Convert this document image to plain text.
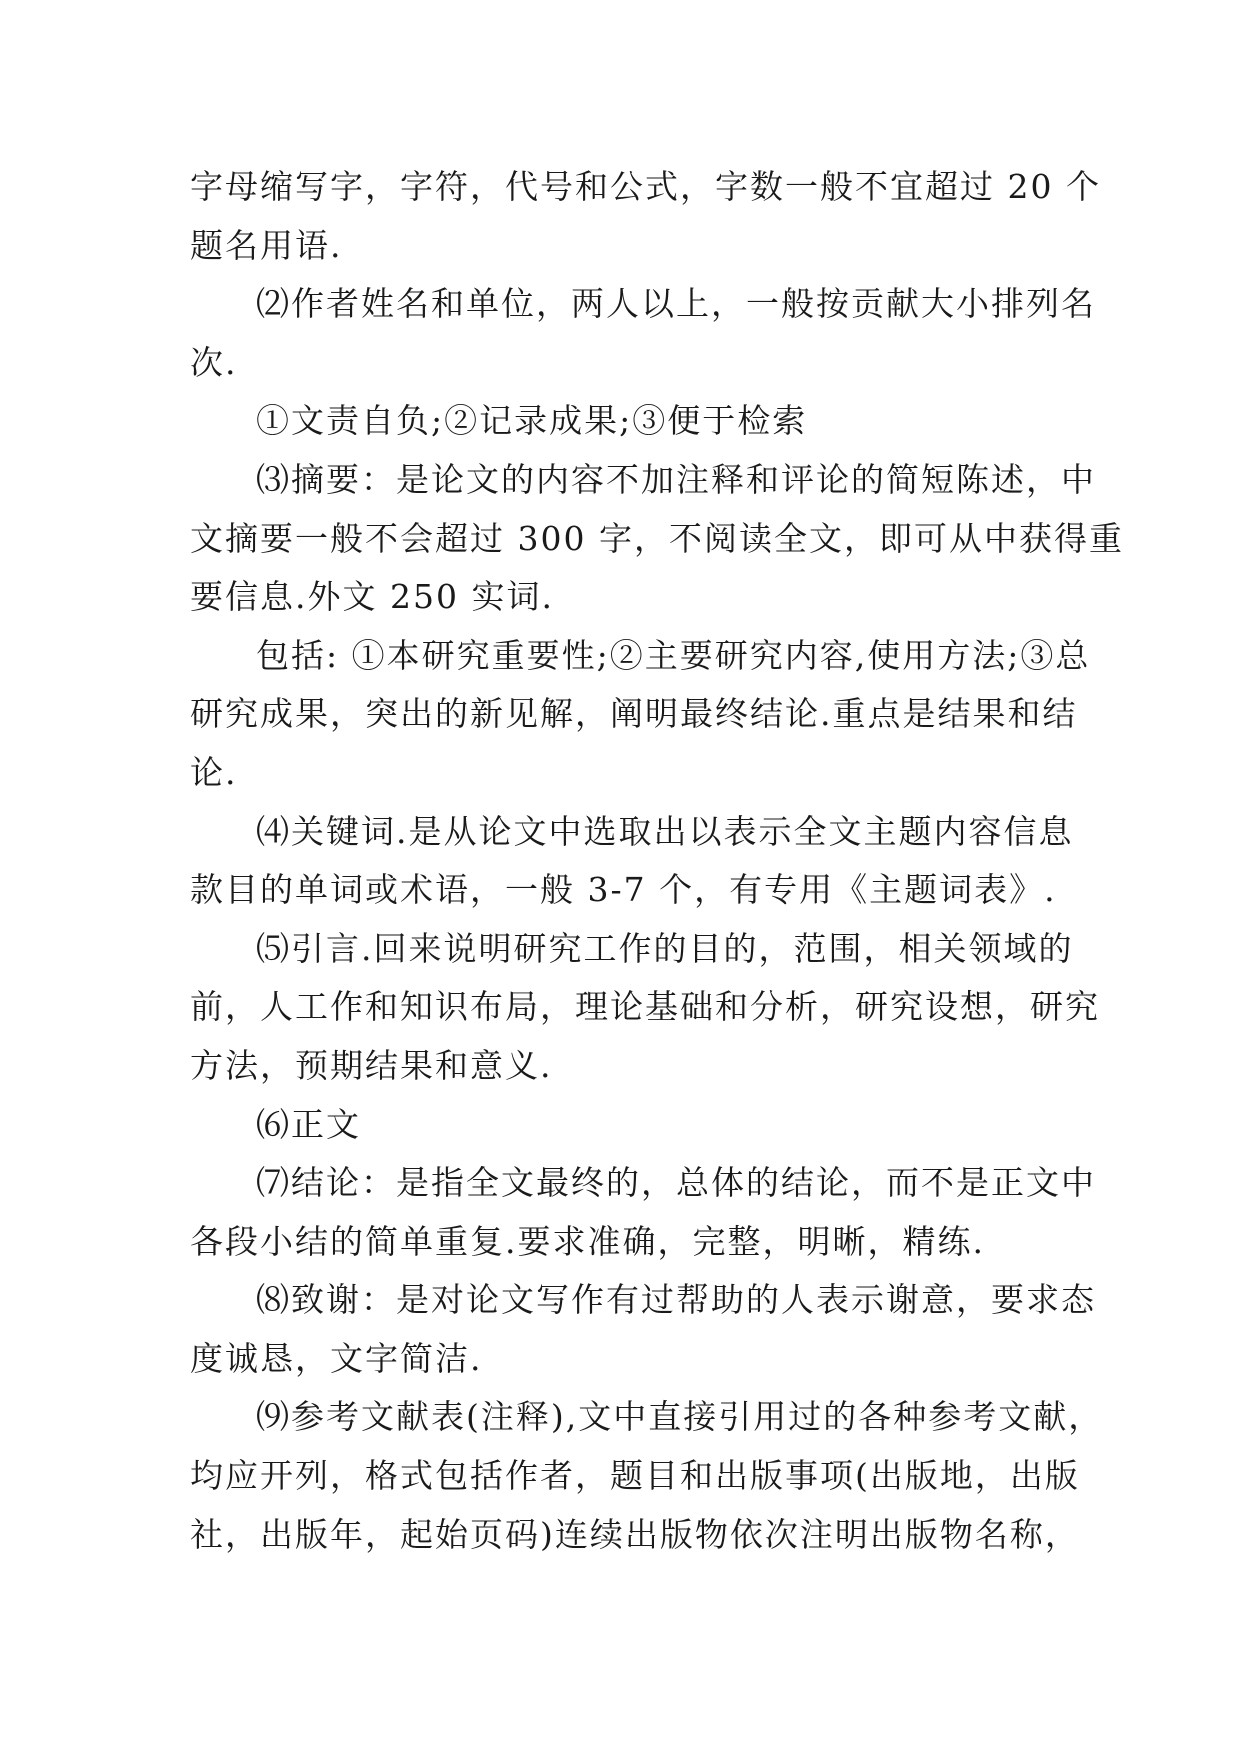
字母缩写字，字符，代号和公式，字数一般不宜超过 20 个
题名用语.
⑵作者姓名和单位，两人以上，一般按贡献大小排列名
次.
①文责自负;②记录成果;③便于检索
⑶摘要：是论文的内容不加注释和评论的简短陈述，中
文摘要一般不会超过 300 字，不阅读全文，即可从中获得重
要信息.外文 250 实词.
包括: ①本研究重要性;②主要研究内容,使用方法;③总
研究成果，突出的新见解，阐明最终结论.重点是结果和结
论.
⑷关键词.是从论文中选取出以表示全文主题内容信息
款目的单词或术语，一般 3-7 个，有专用《主题词表》.
⑸引言.回来说明研究工作的目的，范围，相关领域的
前，人工作和知识布局，理论基础和分析，研究设想，研究
方法，预期结果和意义.
⑹正文
⑺结论：是指全文最终的，总体的结论，而不是正文中
各段小结的简单重复.要求准确，完整，明晰，精练.
⑻致谢：是对论文写作有过帮助的人表示谢意，要求态
度诚恳，文字简洁.
⑼参考文献表(注释),文中直接引用过的各种参考文献，
均应开列，格式包括作者，题目和出版事项(出版地，出版
社，出版年，起始页码)连续出版物依次注明出版物名称，
